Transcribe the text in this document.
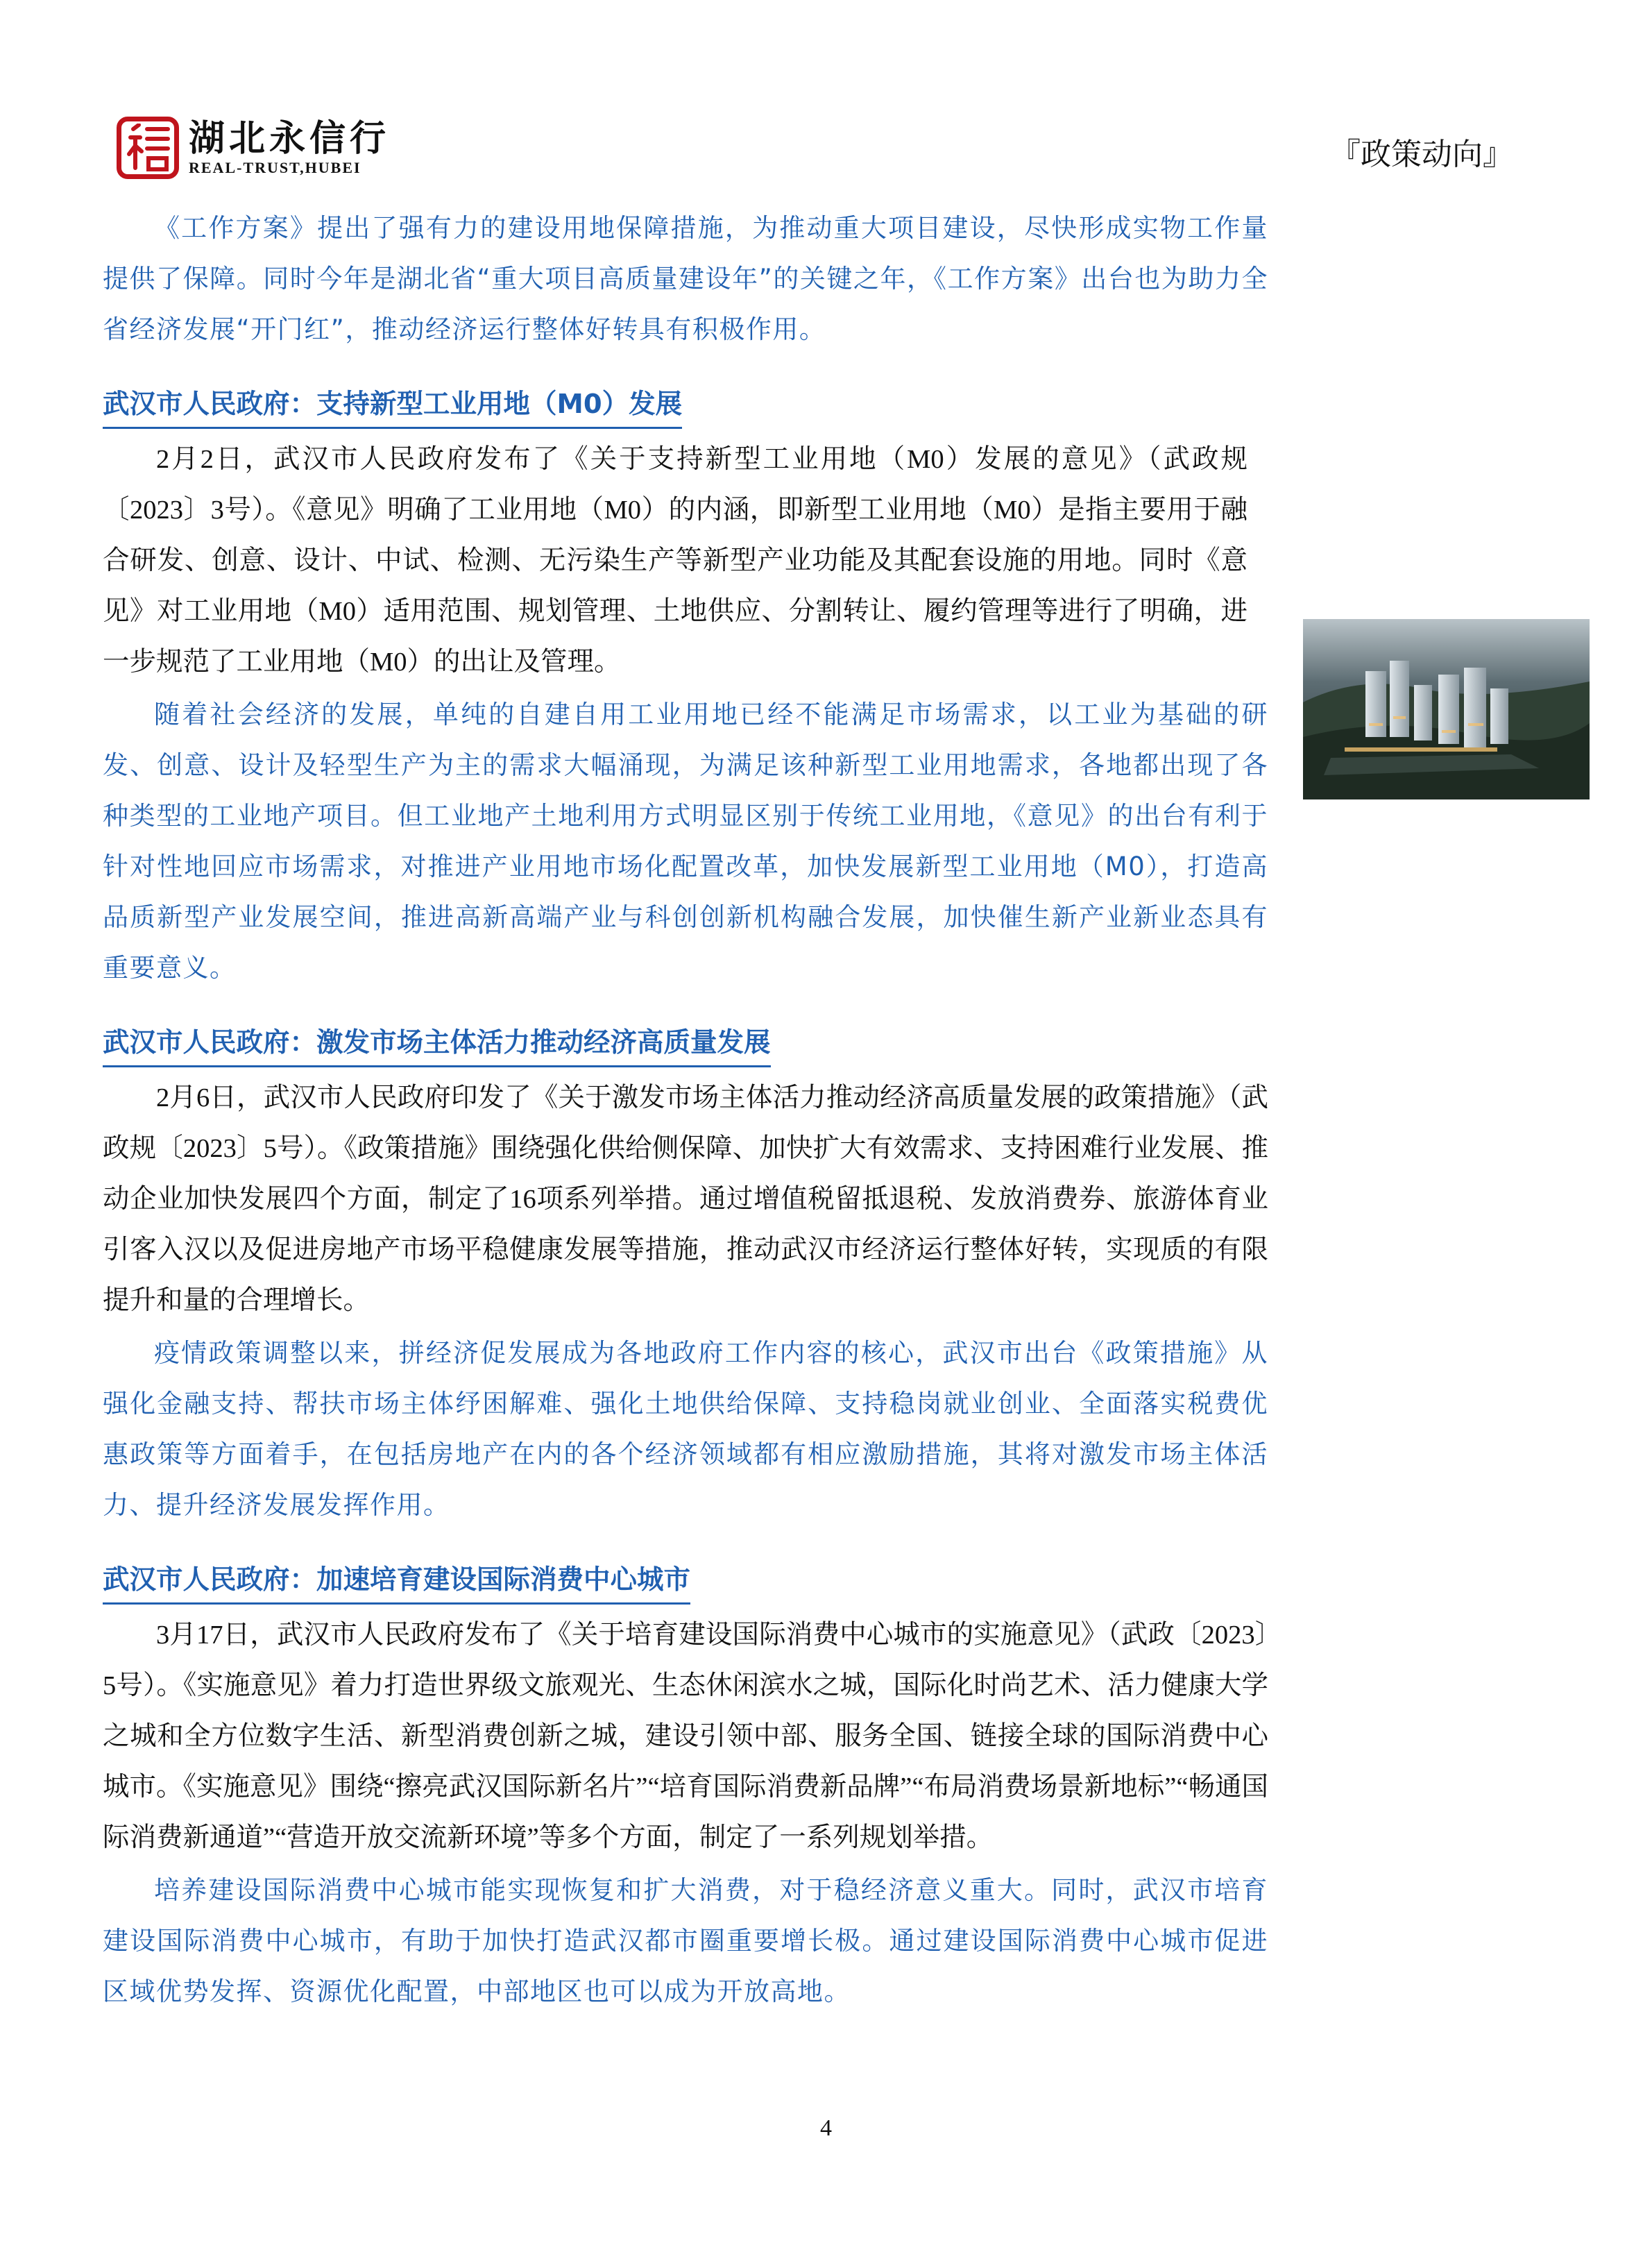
湖北永信行
REAL-TRUST,HUBEI	『政策动向』

《工作方案》提出了强有力的建设用地保障措施，为推动重大项目建设，尽快形成实物工作量提供了保障。同时今年是湖北省“重大项目高质量建设年”的关键之年，《工作方案》出台也为助力全省经济发展“开门红”，推动经济运行整体好转具有积极作用。

武汉市人民政府：支持新型工业用地（M0）发展

2月2日，武汉市人民政府发布了《关于支持新型工业用地（M0）发展的意见》（武政规〔2023〕3号）。《意见》明确了工业用地（M0）的内涵，即新型工业用地（M0）是指主要用于融合研发、创意、设计、中试、检测、无污染生产等新型产业功能及其配套设施的用地。同时《意见》对工业用地（M0）适用范围、规划管理、土地供应、分割转让、履约管理等进行了明确，进一步规范了工业用地（M0）的出让及管理。

随着社会经济的发展，单纯的自建自用工业用地已经不能满足市场需求，以工业为基础的研发、创意、设计及轻型生产为主的需求大幅涌现，为满足该种新型工业用地需求，各地都出现了各种类型的工业地产项目。但工业地产土地利用方式明显区别于传统工业用地，《意见》的出台有利于针对性地回应市场需求，对推进产业用地市场化配置改革，加快发展新型工业用地（M0），打造高品质新型产业发展空间，推进高新高端产业与科创创新机构融合发展，加快催生新产业新业态具有重要意义。

武汉市人民政府：激发市场主体活力推动经济高质量发展

2月6日，武汉市人民政府印发了《关于激发市场主体活力推动经济高质量发展的政策措施》（武政规〔2023〕5号）。《政策措施》围绕强化供给侧保障、加快扩大有效需求、支持困难行业发展、推动企业加快发展四个方面，制定了16项系列举措。通过增值税留抵退税、发放消费券、旅游体育业引客入汉以及促进房地产市场平稳健康发展等措施，推动武汉市经济运行整体好转，实现质的有限提升和量的合理增长。

疫情政策调整以来，拼经济促发展成为各地政府工作内容的核心，武汉市出台《政策措施》从强化金融支持、帮扶市场主体纾困解难、强化土地供给保障、支持稳岗就业创业、全面落实税费优惠政策等方面着手，在包括房地产在内的各个经济领域都有相应激励措施，其将对激发市场主体活力、提升经济发展发挥作用。

武汉市人民政府：加速培育建设国际消费中心城市

3月17日，武汉市人民政府发布了《关于培育建设国际消费中心城市的实施意见》（武政〔2023〕5号）。《实施意见》着力打造世界级文旅观光、生态休闲滨水之城，国际化时尚艺术、活力健康大学之城和全方位数字生活、新型消费创新之城，建设引领中部、服务全国、链接全球的国际消费中心城市。《实施意见》围绕“擦亮武汉国际新名片”“培育国际消费新品牌”“布局消费场景新地标”“畅通国际消费新通道”“营造开放交流新环境”等多个方面，制定了一系列规划举措。

培养建设国际消费中心城市能实现恢复和扩大消费，对于稳经济意义重大。同时，武汉市培育建设国际消费中心城市，有助于加快打造武汉都市圈重要增长极。通过建设国际消费中心城市促进区域优势发挥、资源优化配置，中部地区也可以成为开放高地。

4
